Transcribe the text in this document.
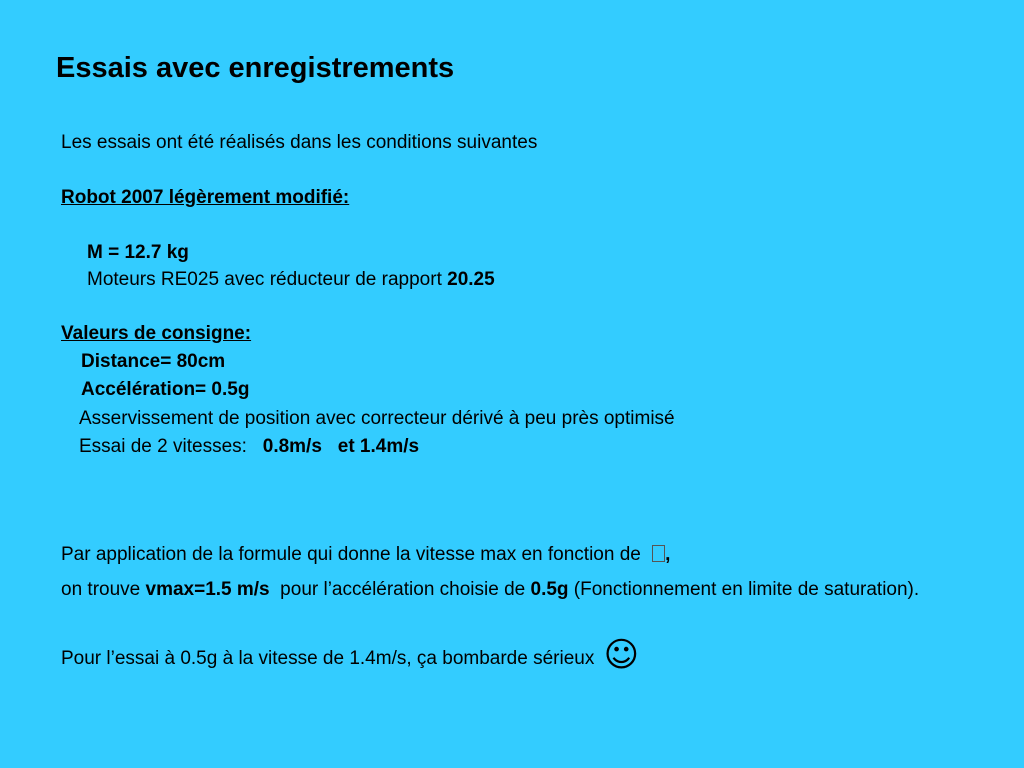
Essais avec enregistrements
Les essais ont été réalisés dans les conditions suivantes
Robot 2007 légèrement modifié:
M = 12.7 kg
Moteurs RE025 avec réducteur de rapport 20.25
Valeurs de consigne:
Distance= 80cm
Accélération= 0.5g
Asservissement de position avec correcteur dérivé à peu près optimisé
Essai de 2 vitesses:   0.8m/s et 1.4m/s
Par application de la formule qui donne la vitesse max en fonction de ,
on trouve vmax=1.5 m/s  pour l’accélération choisie de 0.5g (Fonctionnement en limite de saturation).
Pour l’essai à 0.5g à la vitesse de 1.4m/s, ça bombarde sérieux ☺
